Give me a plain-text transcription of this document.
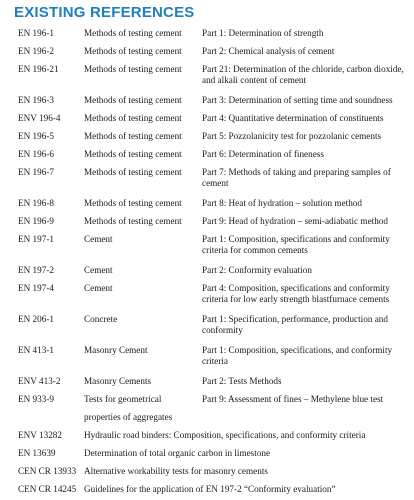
EXISTING REFERENCES
EN 196-1	Methods of testing cement	Part 1: Determination of strength
EN 196-2	Methods of testing cement	Part 2: Chemical analysis of cement
EN 196-21	Methods of testing cement	Part 21: Determination of the chloride, carbon dioxide, and alkali content of cement
EN 196-3	Methods of testing cement	Part 3: Determination of setting time and soundness
ENV 196-4	Methods of testing cement	Part 4: Quantitative determination of constituents
EN 196-5	Methods of testing cement	Part 5: Pozzolanicity test for pozzolanic cements
EN 196-6	Methods of testing cement	Part 6: Determination of fineness
EN 196-7	Methods of testing cement	Part 7: Methods of taking and preparing samples of cement
EN 196-8	Methods of testing cement	Part 8: Heat of hydration – solution method
EN 196-9	Methods of testing cement	Part 9: Head of hydration – semi-adiabatic method
EN 197-1	Cement	Part 1: Composition, specifications and conformity criteria for common cements
EN 197-2	Cement	Part 2: Conformity evaluation
EN 197-4	Cement	Part 4: Composition, specifications and conformity criteria for low early strength blastfurnace cements
EN 206-1	Concrete	Part 1: Specification, performance, production and conformity
EN 413-1	Masonry Cement	Part 1: Composition, specifications, and conformity criteria
ENV 413-2	Masonry Cements	Part 2: Tests Methods
EN 933-9	Tests for geometrical	Part 9: Assessment of fines – Methylene blue test
properties of aggregates
ENV 13282	Hydraulic road binders: Composition, specifications, and conformity criteria
EN 13639	Determination of total organic carbon in limestone
CEN CR 13933 Alternative workability tests for masonry cements
CEN CR 14245 Guidelines for the application of EN 197-2 “Conformity evaluation”
